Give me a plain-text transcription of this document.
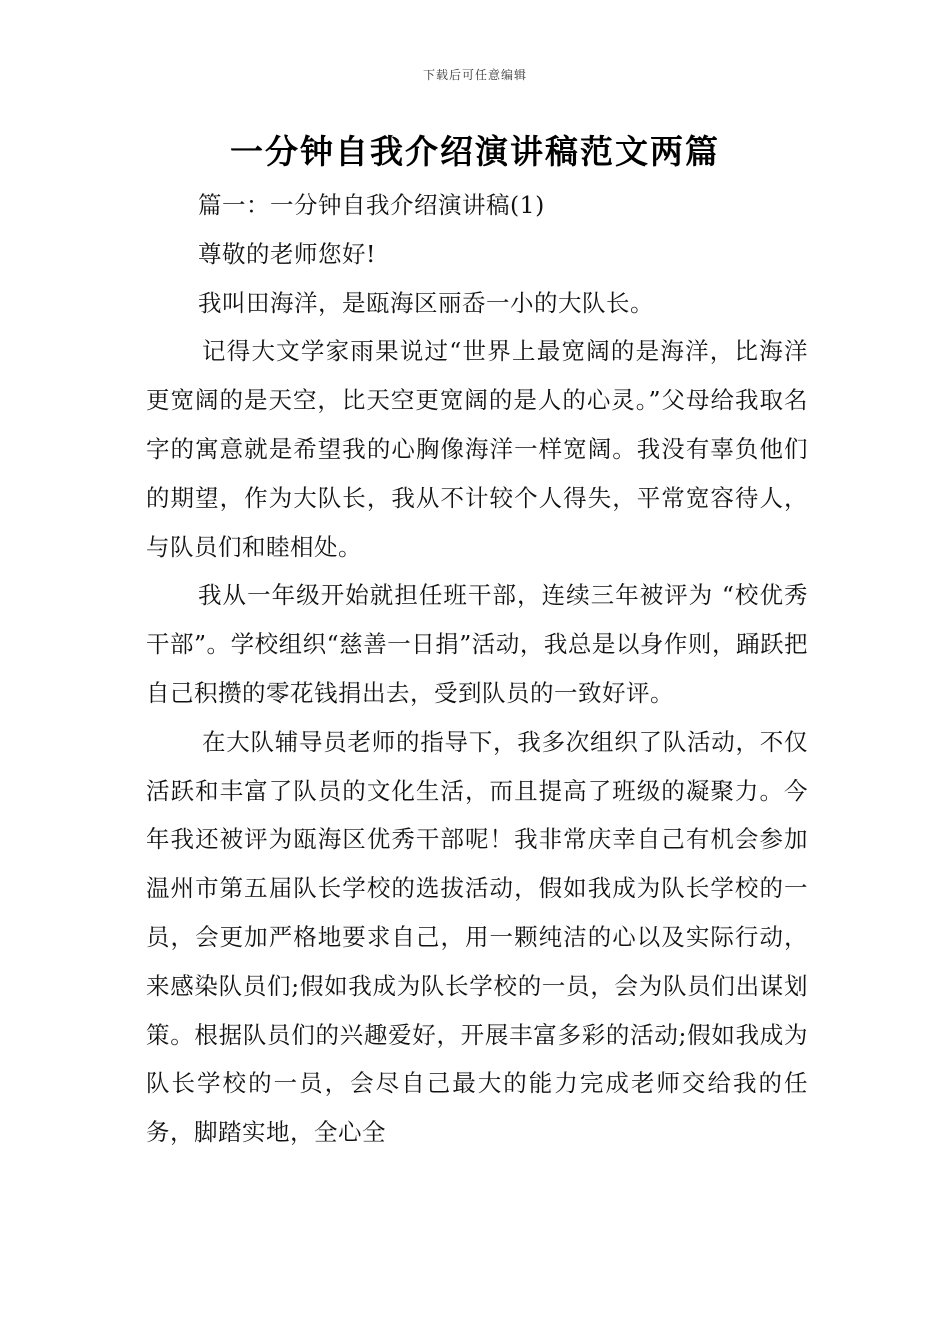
下载后可任意编辑
一分钟自我介绍演讲稿范文两篇

篇一：一分钟自我介绍演讲稿(1)

尊敬的老师您好!

我叫田海洋，是瓯海区丽岙一小的大队长。

记得大文学家雨果说过“世界上最宽阔的是海洋，比海洋更宽阔的是天空，比天空更宽阔的是人的心灵。”父母给我取名字的寓意就是希望我的心胸像海洋一样宽阔。我没有辜负他们的期望，作为大队长，我从不计较个人得失，平常宽容待人，与队员们和睦相处。

我从一年级开始就担任班干部，连续三年被评为 “校优秀干部”。学校组织“慈善一日捐”活动，我总是以身作则，踊跃把自己积攒的零花钱捐出去，受到队员的一致好评。

在大队辅导员老师的指导下，我多次组织了队活动，不仅活跃和丰富了队员的文化生活，而且提高了班级的凝聚力。今年我还被评为瓯海区优秀干部呢！我非常庆幸自己有机会参加温州市第五届队长学校的选拔活动，假如我成为队长学校的一员，会更加严格地要求自己，用一颗纯洁的心以及实际行动，来感染队员们;假如我成为队长学校的一员，会为队员们出谋划策。根据队员们的兴趣爱好，开展丰富多彩的活动;假如我成为队长学校的一员，会尽自己最大的能力完成老师交给我的任务，脚踏实地，全心全
